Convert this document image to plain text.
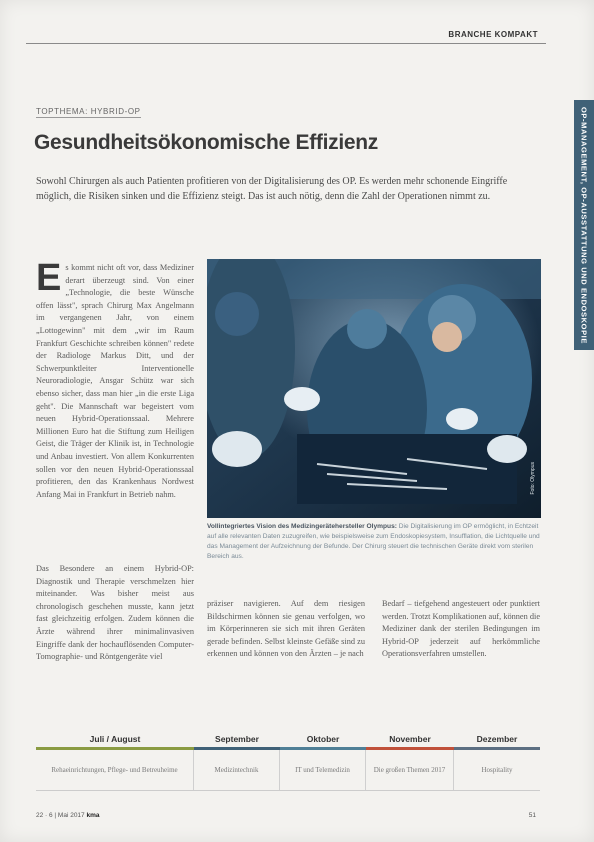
BRANCHE KOMPAKT
OP-MANAGEMENT, OP-AUSSTATTUNG UND ENDOSKOPIE
TOPTHEMA: HYBRID-OP
Gesundheitsökonomische Effizienz
Sowohl Chirurgen als auch Patienten profitieren von der Digitalisierung des OP. Es werden mehr schonende Eingriffe möglich, die Risiken sinken und die Effizienz steigt. Das ist auch nötig, denn die Zahl der Operationen nimmt zu.
E s kommt nicht oft vor, dass Mediziner derart überzeugt sind. Von einer „Technologie, die beste Wünsche offen lässt", sprach Chirurg Max Angelmann im vergangenen Jahr, von einem „Lottogewinn" mit dem „wir im Raum Frankfurt Geschichte schreiben können" redete der Radiologe Markus Ditt, und der Schwerpunktleiter Interventionelle Neuroradiologie, Ansgar Schütz war sich ebenso sicher, dass man hier „in die erste Liga geht". Die Mannschaft war begeistert vom neuen Hybrid-Operationssaal. Mehrere Millionen Euro hat die Stiftung zum Heiligen Geist, die Träger der Klinik ist, in Technologie und Anbau investiert. Von allem Konkurrenten sollen vor den neuen Hybrid-Operationssaal profitieren, den das Krankenhaus Nordwest Anfang Mai in Frankfurt in Betrieb nahm.

Das Besondere an einem Hybrid-OP: Diagnostik und Therapie verschmelzen hier miteinander. Was bisher meist aus chronologisch geschehen musste, kann jetzt fast gleichzeitig erfolgen. Zudem können die Ärzte während ihrer minimalinvasiven Eingriffe dank der hochauflösenden Computer-Tomographie- und Röntgengeräte viel

präziser navigieren. Auf dem riesigen Bildschirmen können sie genau verfolgen, wo im Körperinneren sie sich mit ihren Geräten gerade befinden. Selbst kleinste Gefäße sind zu erkennen und können von den Ärzten – je nach

Bedarf – tiefgehend angesteuert oder punktiert werden. Trotzt Komplikationen auf, können die Mediziner dank der sterilen Bedingungen im Hybrid-OP jederzeit auf herkömmliche Operationsverfahren umstellen.

Foto: Olympus
Vollintegriertes Vision des Medizingerätehersteller Olympus: Die Digitalisierung im OP ermöglicht, in Echtzeit auf alle relevanten Daten zuzugreifen, wie beispielsweise zum Endoskopiesystem, Insufflation, die Lichtquelle und das Management der Aufzeichnung der Befunde. Der Chirurg steuert die technischen Geräte direkt vom sterilen Bereich aus.
Juli / August	September	Oktober	November	Dezember
Rehaeinrichtungen, Pflege- und Betreuheime	Medizintechnik	IT und Telemedizin	Die großen Themen 2017	Hospitality
22 · 6 | Mai 2017 kma	51
